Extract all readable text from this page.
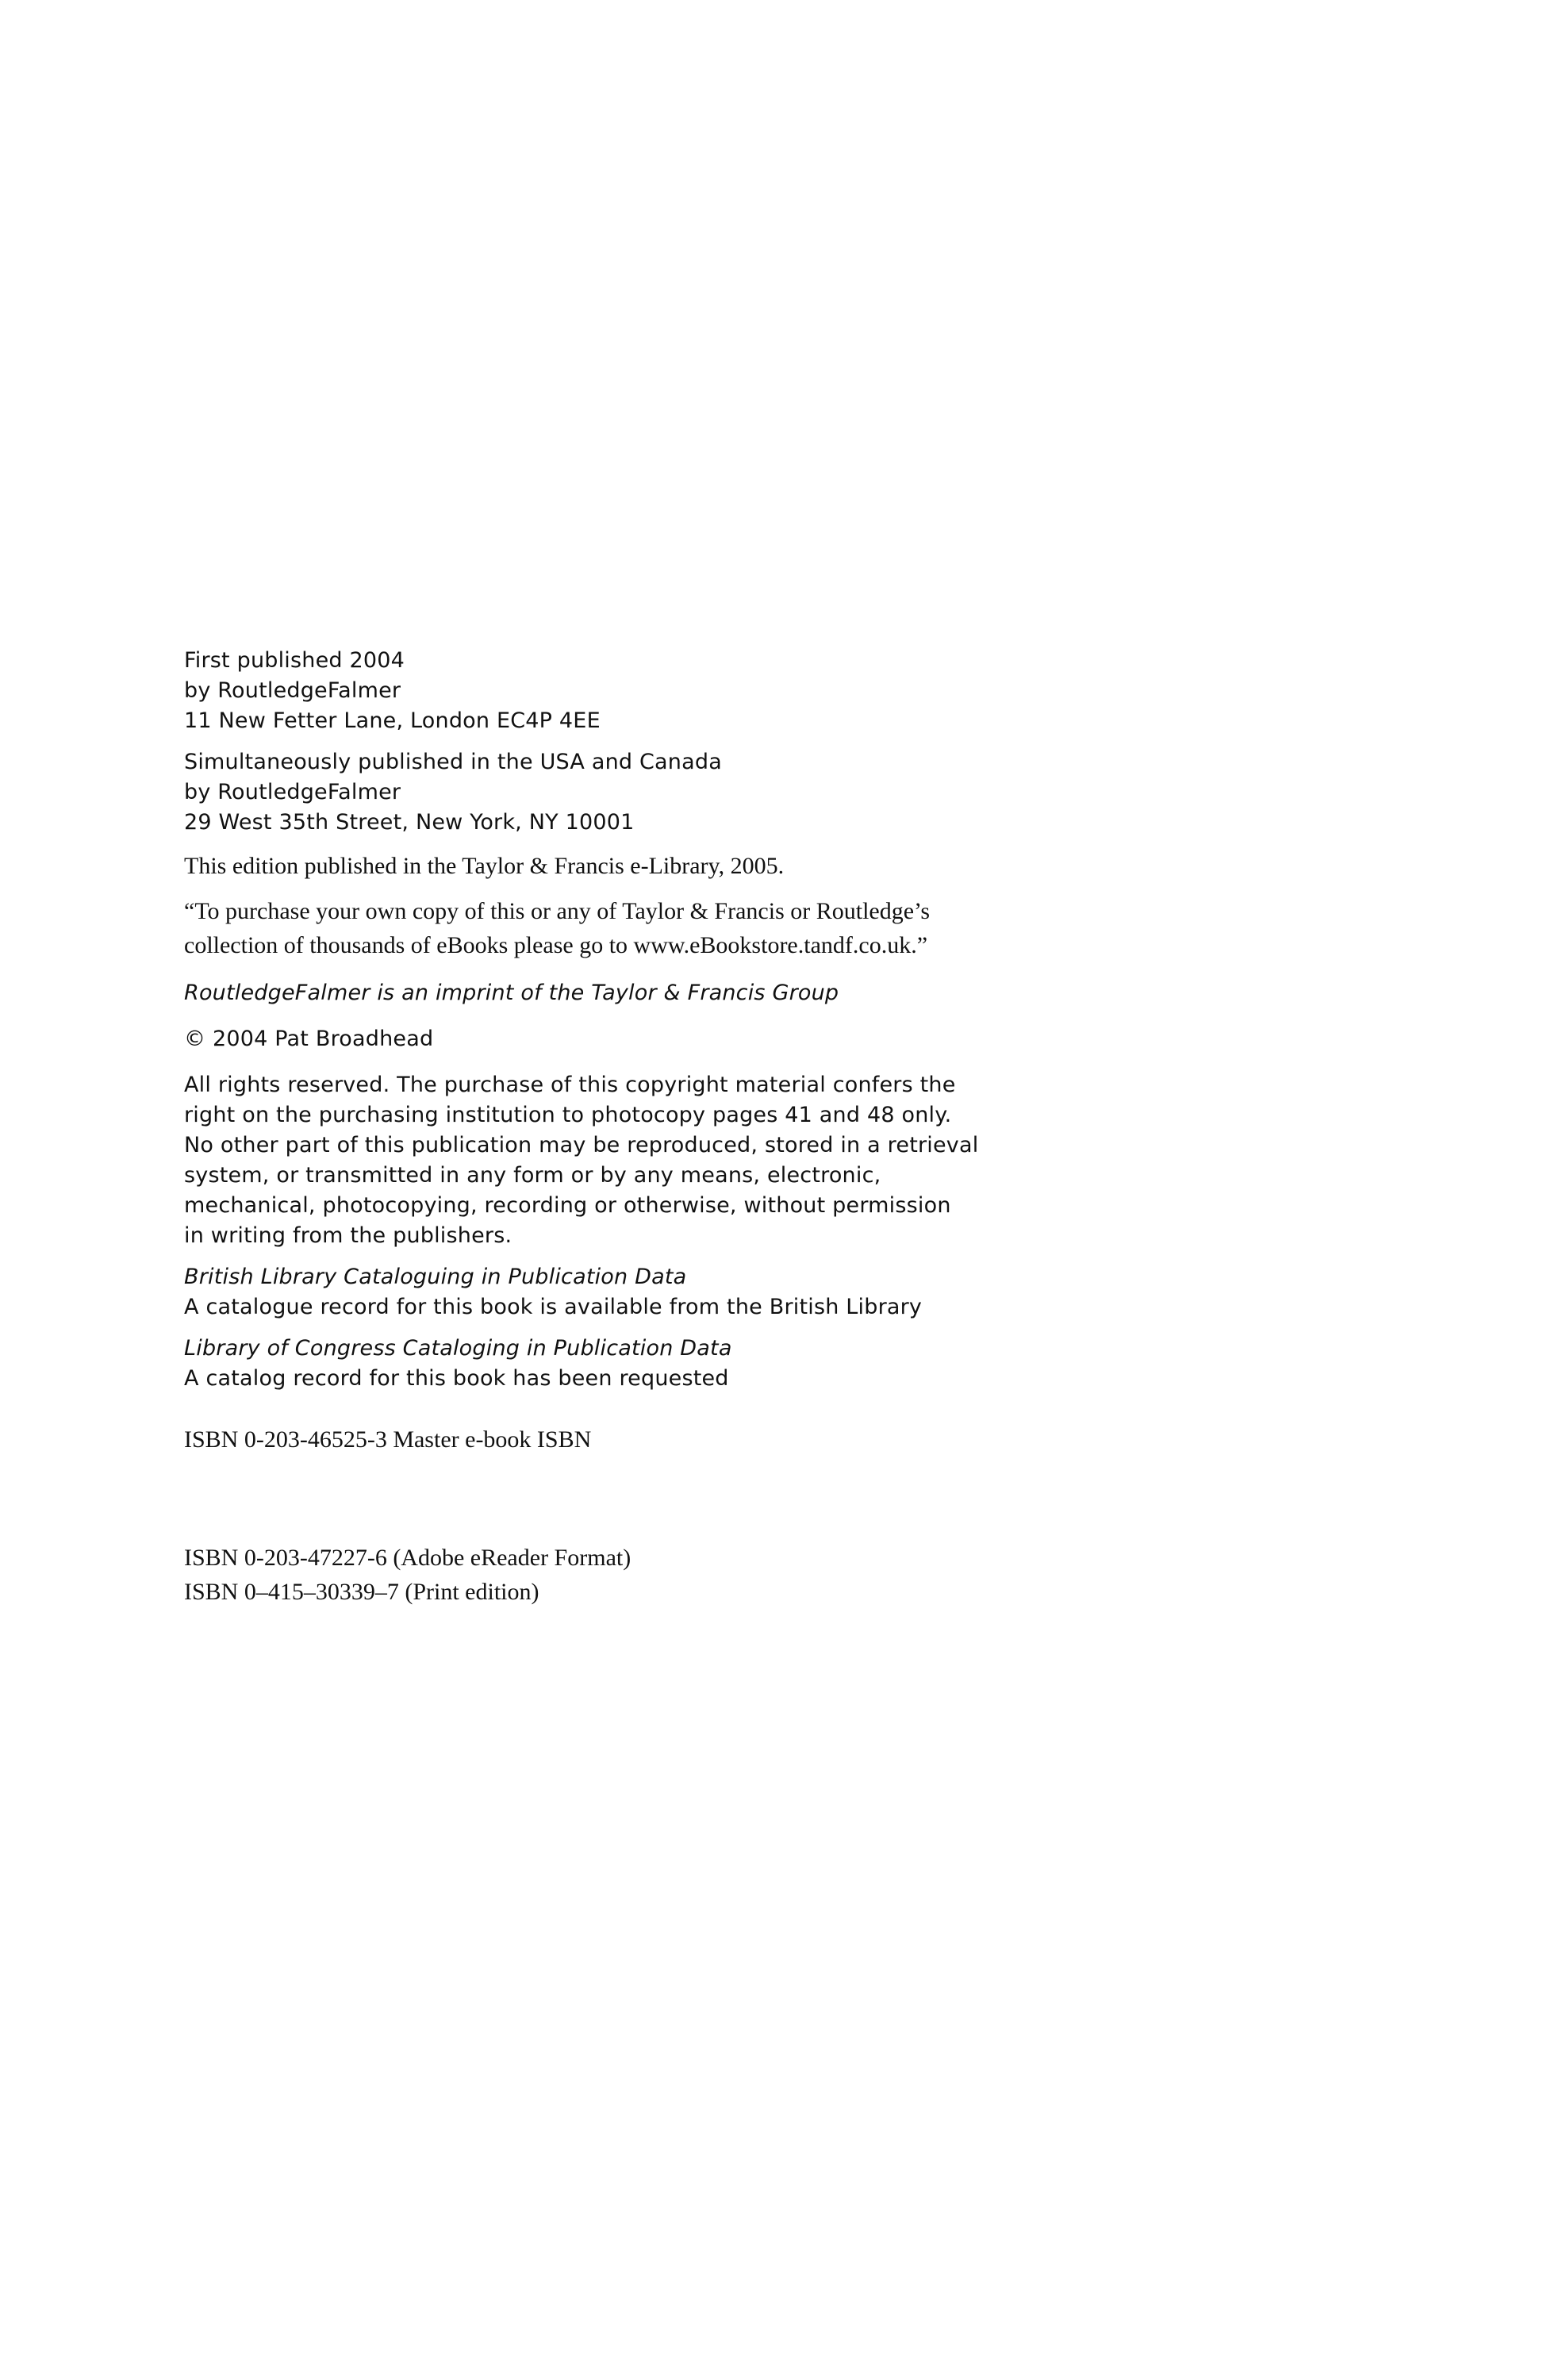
First published 2004
by RoutledgeFalmer
11 New Fetter Lane, London EC4P 4EE
Simultaneously published in the USA and Canada
by RoutledgeFalmer
29 West 35th Street, New York, NY 10001
This edition published in the Taylor & Francis e-Library, 2005.
“To purchase your own copy of this or any of Taylor & Francis or Routledge’s
collection of thousands of eBooks please go to www.eBookstore.tandf.co.uk.”
RoutledgeFalmer is an imprint of the Taylor & Francis Group
© 2004 Pat Broadhead
All rights reserved. The purchase of this copyright material confers the
right on the purchasing institution to photocopy pages 41 and 48 only.
No other part of this publication may be reproduced, stored in a retrieval
system, or transmitted in any form or by any means, electronic,
mechanical, photocopying, recording or otherwise, without permission
in writing from the publishers.
British Library Cataloguing in Publication Data
A catalogue record for this book is available from the British Library
Library of Congress Cataloging in Publication Data
A catalog record for this book has been requested
ISBN 0-203-46525-3 Master e-book ISBN
ISBN 0-203-47227-6 (Adobe eReader Format)
ISBN 0–415–30339–7 (Print edition)
